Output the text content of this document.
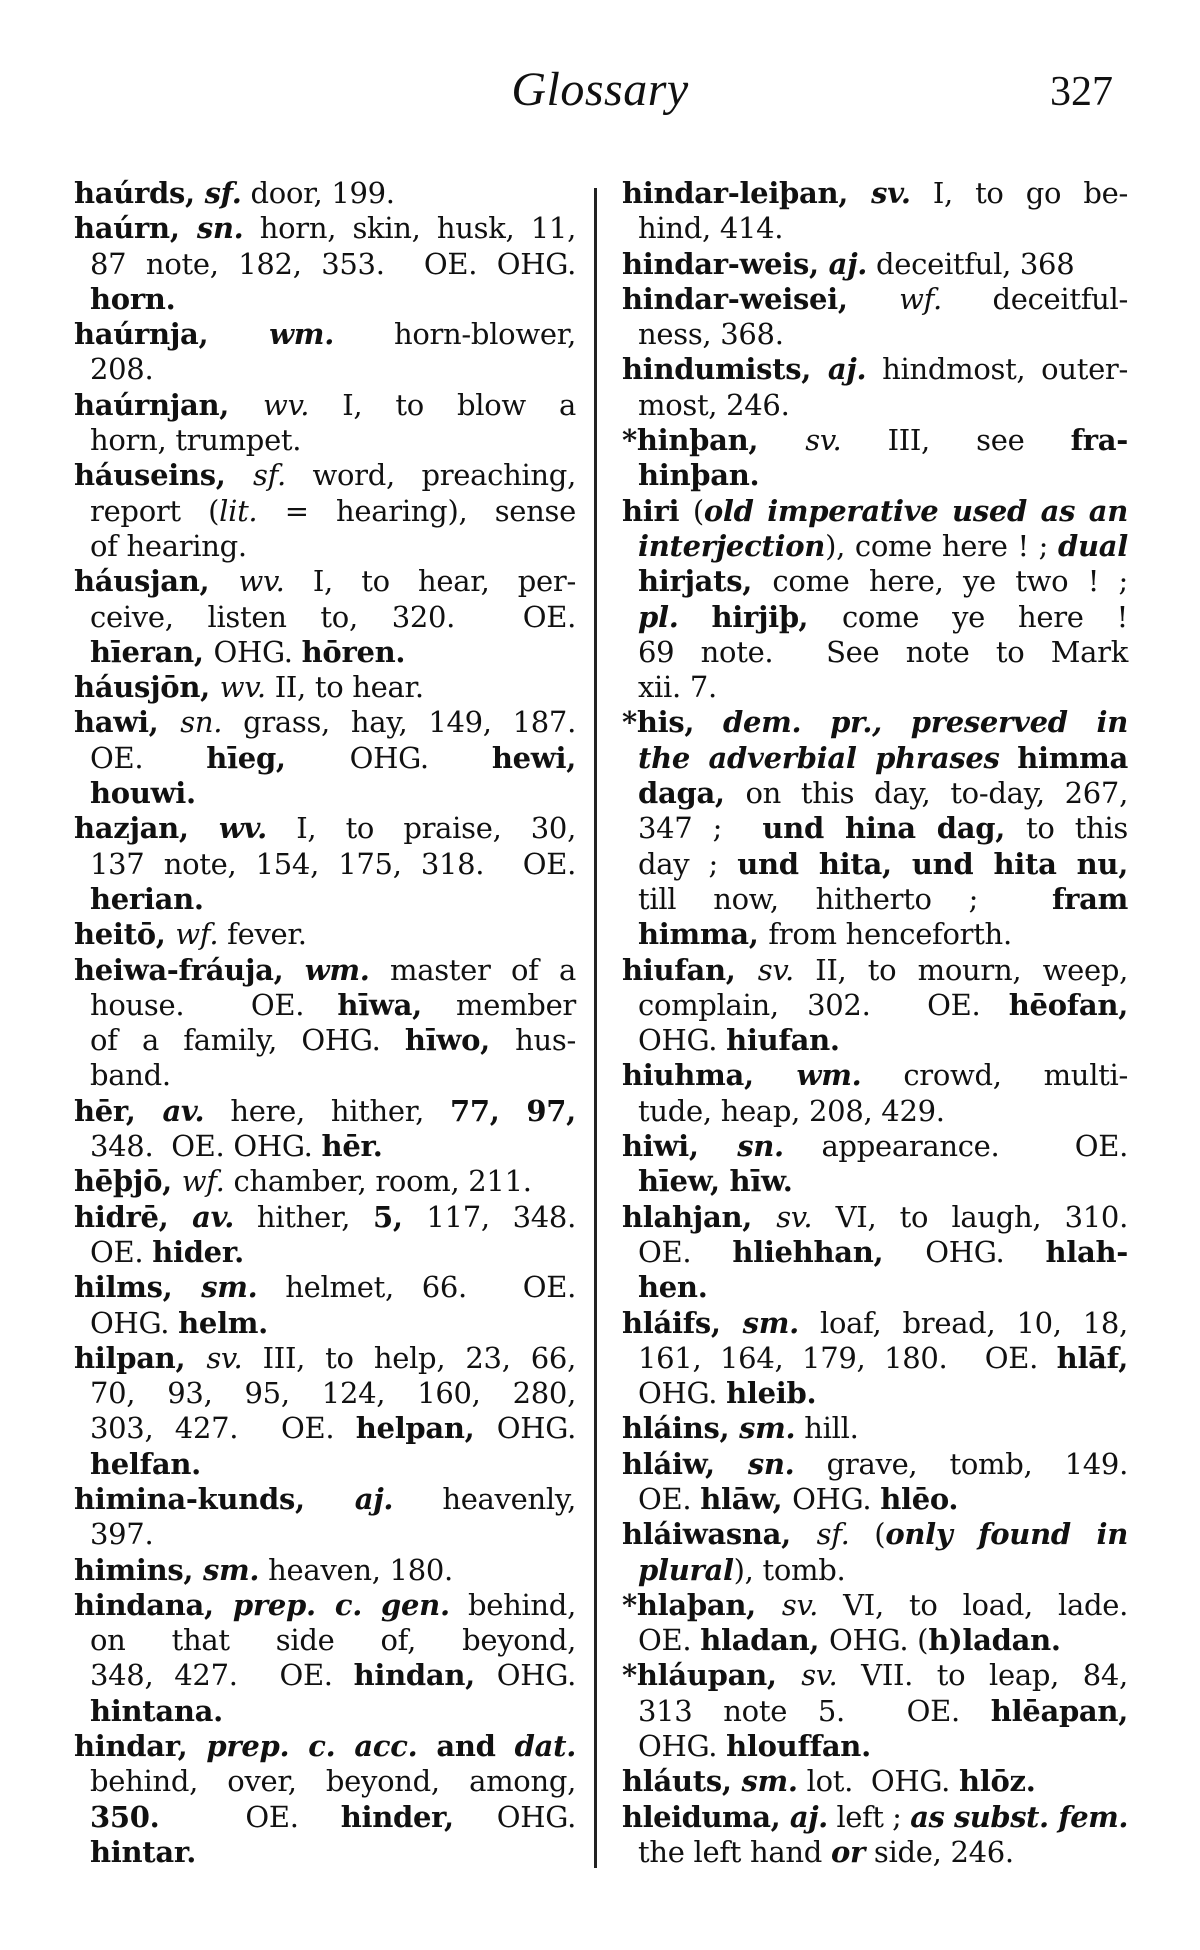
Glossary	327
haúrds, sf. door, 199.
haúrn, sn. horn, skin, husk, 11,
87 note, 182, 353.  OE. OHG.
horn.
haúrnja, wm. horn-blower,
208.
haúrnjan, wv. I, to blow a
horn, trumpet.
háuseins, sf. word, preaching,
report (lit. = hearing), sense
of hearing.
háusjan, wv. I, to hear, per-
ceive, listen to, 320.  OE.
hīeran, OHG. hōren.
háusjōn, wv. II, to hear.
hawi, sn. grass, hay, 149, 187.
OE. hīeg, OHG. hewi,
houwi.
hazjan, wv. I, to praise, 30,
137 note, 154, 175, 318.  OE.
herian.
heitō, wf. fever.
heiwa-fráuja, wm. master of a
house.  OE. hīwa, member
of a family, OHG. hīwo, hus-
band.
hēr, av. here, hither, 77, 97,
348.  OE. OHG. hēr.
hēþjō, wf. chamber, room, 211.
hidrē, av. hither, 5, 117, 348.
OE. hider.
hilms, sm. helmet, 66.  OE.
OHG. helm.
hilpan, sv. III, to help, 23, 66,
70, 93, 95, 124, 160, 280,
303, 427.  OE. helpan, OHG.
helfan.
himina-kunds, aj. heavenly,
397.
himins, sm. heaven, 180.
hindana, prep. c. gen. behind,
on that side of, beyond,
348, 427.  OE. hindan, OHG.
hintana.
hindar, prep. c. acc. and dat.
behind, over, beyond, among,
350.  OE. hinder, OHG.
hintar.
hindar-leiþan, sv. I, to go be-
hind, 414.
hindar-weis, aj. deceitful, 368
hindar-weisei, wf. deceitful-
ness, 368.
hindumists, aj. hindmost, outer-
most, 246.
*hinþan, sv. III, see fra-
hinþan.
hiri (old imperative used as an
interjection), come here ! ; dual
hirjats, come here, ye two ! ;
pl. hirjiþ, come ye here !
69 note.  See note to Mark
xii. 7.
*his, dem. pr., preserved in
the adverbial phrases himma
daga, on this day, to-day, 267,
347 ;  und hina dag, to this
day ; und hita, und hita nu,
till now, hitherto ;  fram
himma, from henceforth.
hiufan, sv. II, to mourn, weep,
complain, 302.  OE. hēofan,
OHG. hiufan.
hiuhma, wm. crowd, multi-
tude, heap, 208, 429.
hiwi, sn. appearance.  OE.
hīew, hīw.
hlahjan, sv. VI, to laugh, 310.
OE. hliehhan, OHG. hlah-
hen.
hláifs, sm. loaf, bread, 10, 18,
161, 164, 179, 180.  OE. hlāf,
OHG. hleib.
hláins, sm. hill.
hláiw, sn. grave, tomb, 149.
OE. hlāw, OHG. hlēo.
hláiwasna, sf. (only found in
plural), tomb.
*hlaþan, sv. VI, to load, lade.
OE. hladan, OHG. (h)ladan.
*hláupan, sv. VII. to leap, 84,
313 note 5.  OE. hlēapan,
OHG. hlouffan.
hláuts, sm. lot.  OHG. hlōz.
hleiduma, aj. left ; as subst. fem.
the left hand or side, 246.
